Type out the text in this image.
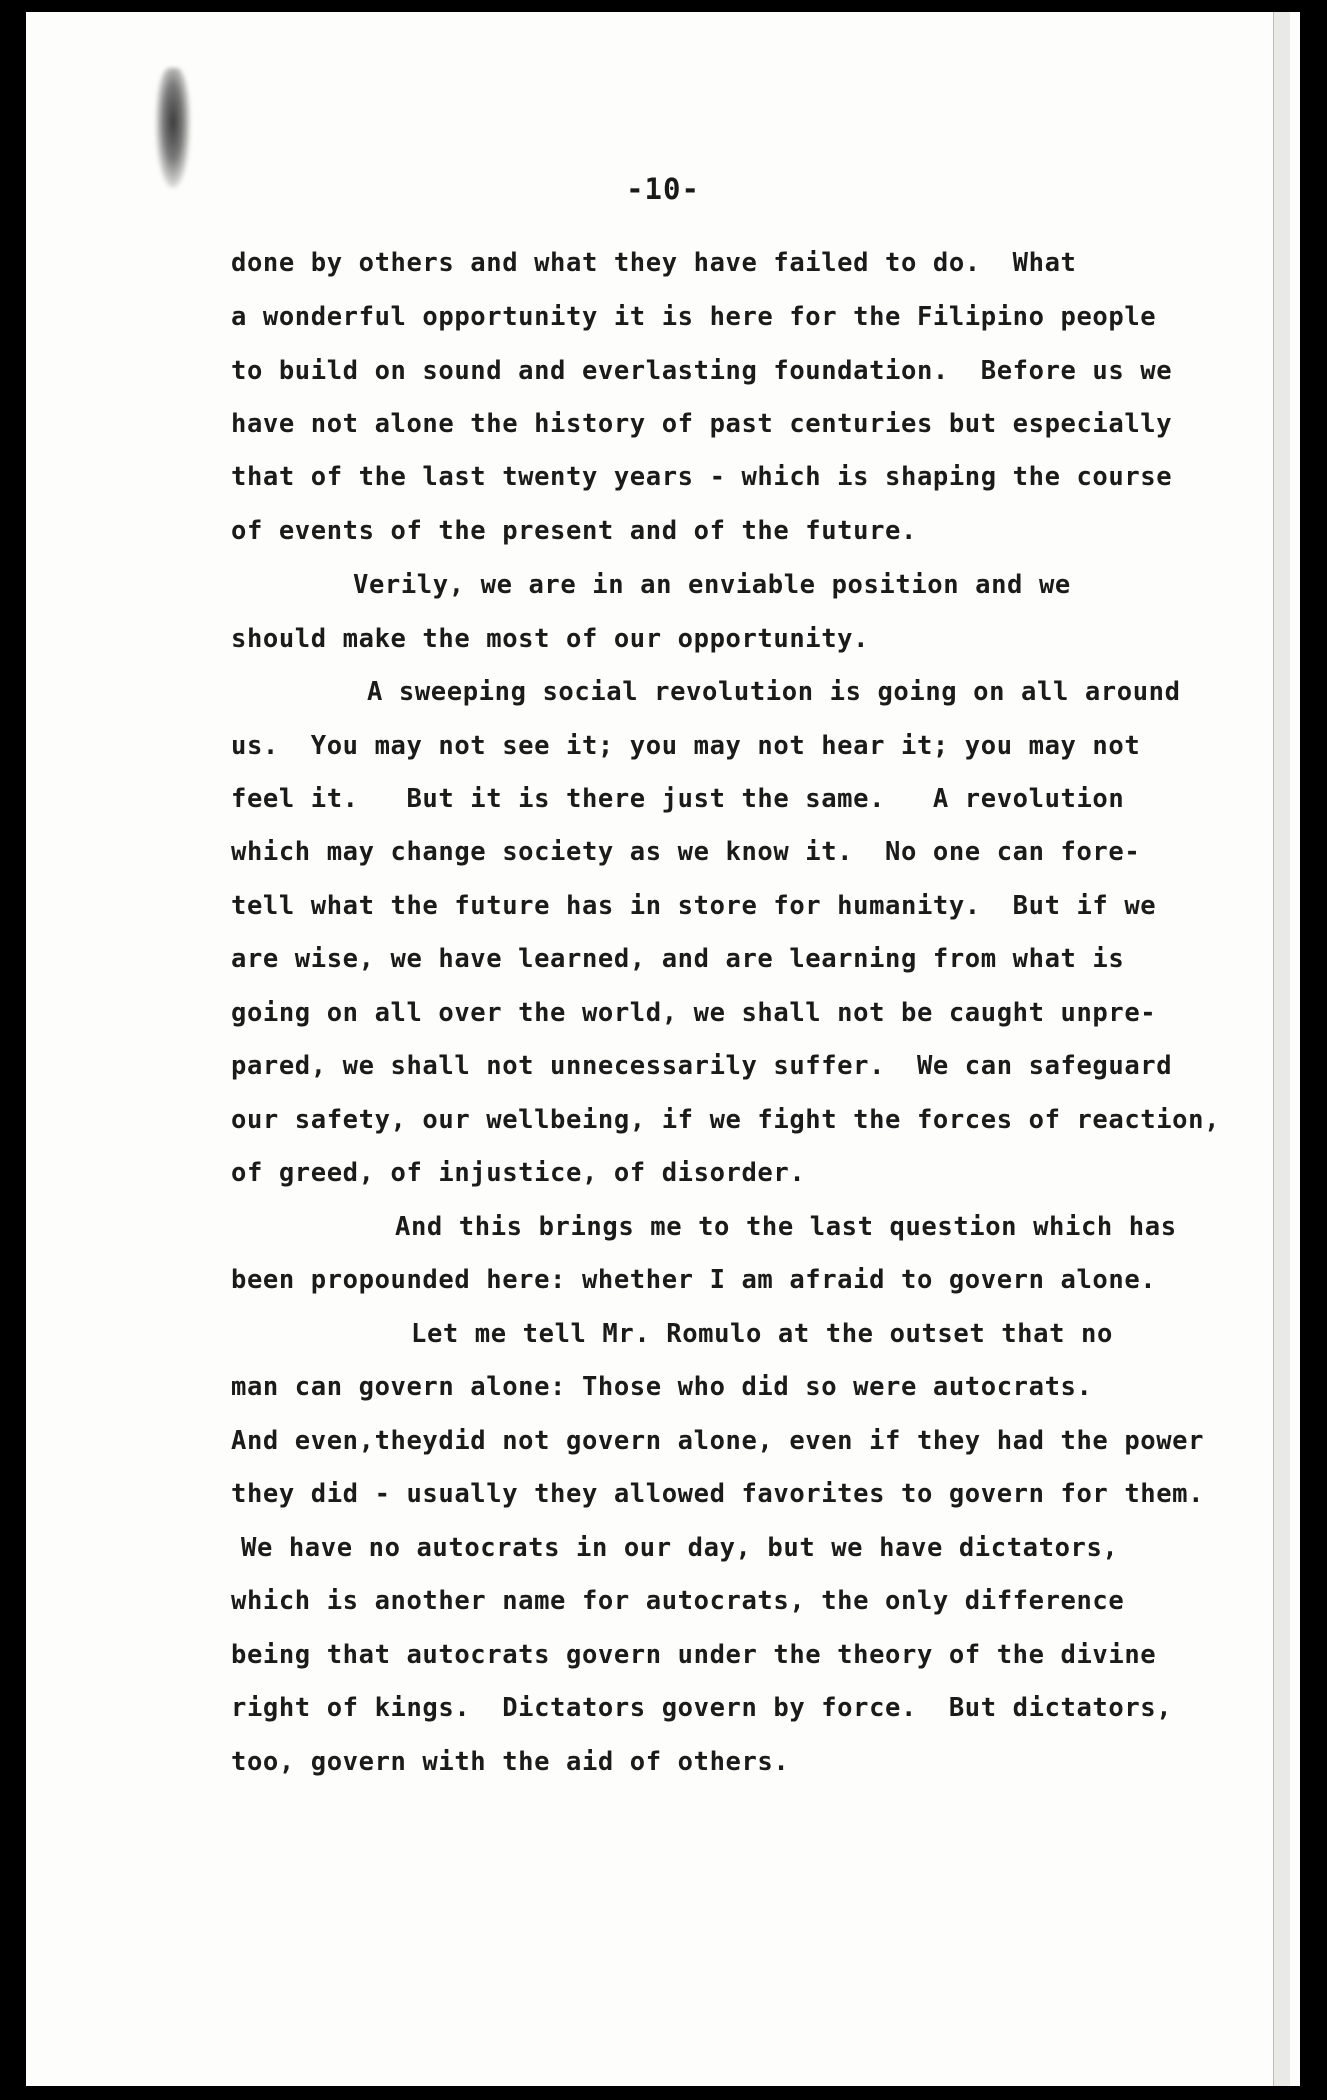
-10-
done by others and what they have failed to do.  What
a wonderful opportunity it is here for the Filipino people
to build on sound and everlasting foundation.  Before us we
have not alone the history of past centuries but especially
that of the last twenty years - which is shaping the course
of events of the present and of the future.
Verily, we are in an enviable position and we
should make the most of our opportunity.
A sweeping social revolution is going on all around
us.  You may not see it; you may not hear it; you may not
feel it.   But it is there just the same.   A revolution
which may change society as we know it.  No one can fore-
tell what the future has in store for humanity.  But if we
are wise, we have learned, and are learning from what is
going on all over the world, we shall not be caught unpre-
pared, we shall not unnecessarily suffer.  We can safeguard
our safety, our wellbeing, if we fight the forces of reaction,
of greed, of injustice, of disorder.
And this brings me to the last question which has
been propounded here: whether I am afraid to govern alone.
Let me tell Mr. Romulo at the outset that no
man can govern alone: Those who did so were autocrats.
And even,theydid not govern alone, even if they had the power
they did - usually they allowed favorites to govern for them.
We have no autocrats in our day, but we have dictators,
which is another name for autocrats, the only difference
being that autocrats govern under the theory of the divine
right of kings.  Dictators govern by force.  But dictators,
too, govern with the aid of others.
